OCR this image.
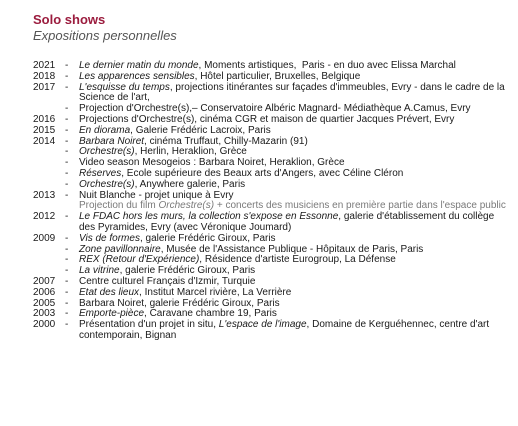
Solo shows
Expositions personnelles
2021 -	Le dernier matin du monde, Moments artistiques,  Paris - en duo avec Elissa Marchal
2018 -	Les apparences sensibles, Hôtel particulier, Bruxelles, Belgique
2017 -	L'esquisse du temps, projections itinérantes sur façades d'immeubles, Evry - dans le cadre de la Science de l'art,
-	Projection d'Orchestre(s),– Conservatoire Albéric Magnard- Médiathèque A.Camus, Evry
2016 -	Projections d'Orchestre(s), cinéma CGR et maison de quartier Jacques Prévert, Evry
2015 -	En diorama, Galerie Frédéric Lacroix, Paris
2014 -	Barbara Noiret, cinéma Truffaut, Chilly-Mazarin (91)
-	Orchestre(s), Herlin, Heraklion, Grèce
-	Video season Mesogeios : Barbara Noiret, Heraklion, Grèce
-	Réserves, Ecole supérieure des Beaux arts d'Angers, avec Céline Cléron
-	Orchestre(s), Anywhere galerie, Paris
2013 -	Nuit Blanche - projet unique à Evry
Projection du film Orchestre(s) + concerts des musiciens en première partie dans l'espace public
2012 -	Le FDAC hors les murs, la collection s'expose en Essonne, galerie d'établissement du collège des Pyramides, Evry (avec Véronique Joumard)
2009 -	Vis de formes, galerie Frédéric Giroux, Paris
-	Zone pavillonnaire, Musée de l'Assistance Publique - Hôpitaux de Paris, Paris
-	REX (Retour d'Expérience), Résidence d'artiste Eurogroup, La Défense
-	La vitrine, galerie Frédéric Giroux, Paris
2007 -	Centre culturel Français d'Izmir, Turquie
2006 -	Etat des lieux, Institut Marcel rivière, La Verrière
2005 -	Barbara Noiret, galerie Frédéric Giroux, Paris
2003 -	Emporte-pièce, Caravane chambre 19, Paris
2000 -	Présentation d'un projet in situ, L'espace de l'image, Domaine de Kerguéhennec, centre d'art contemporain, Bignan
